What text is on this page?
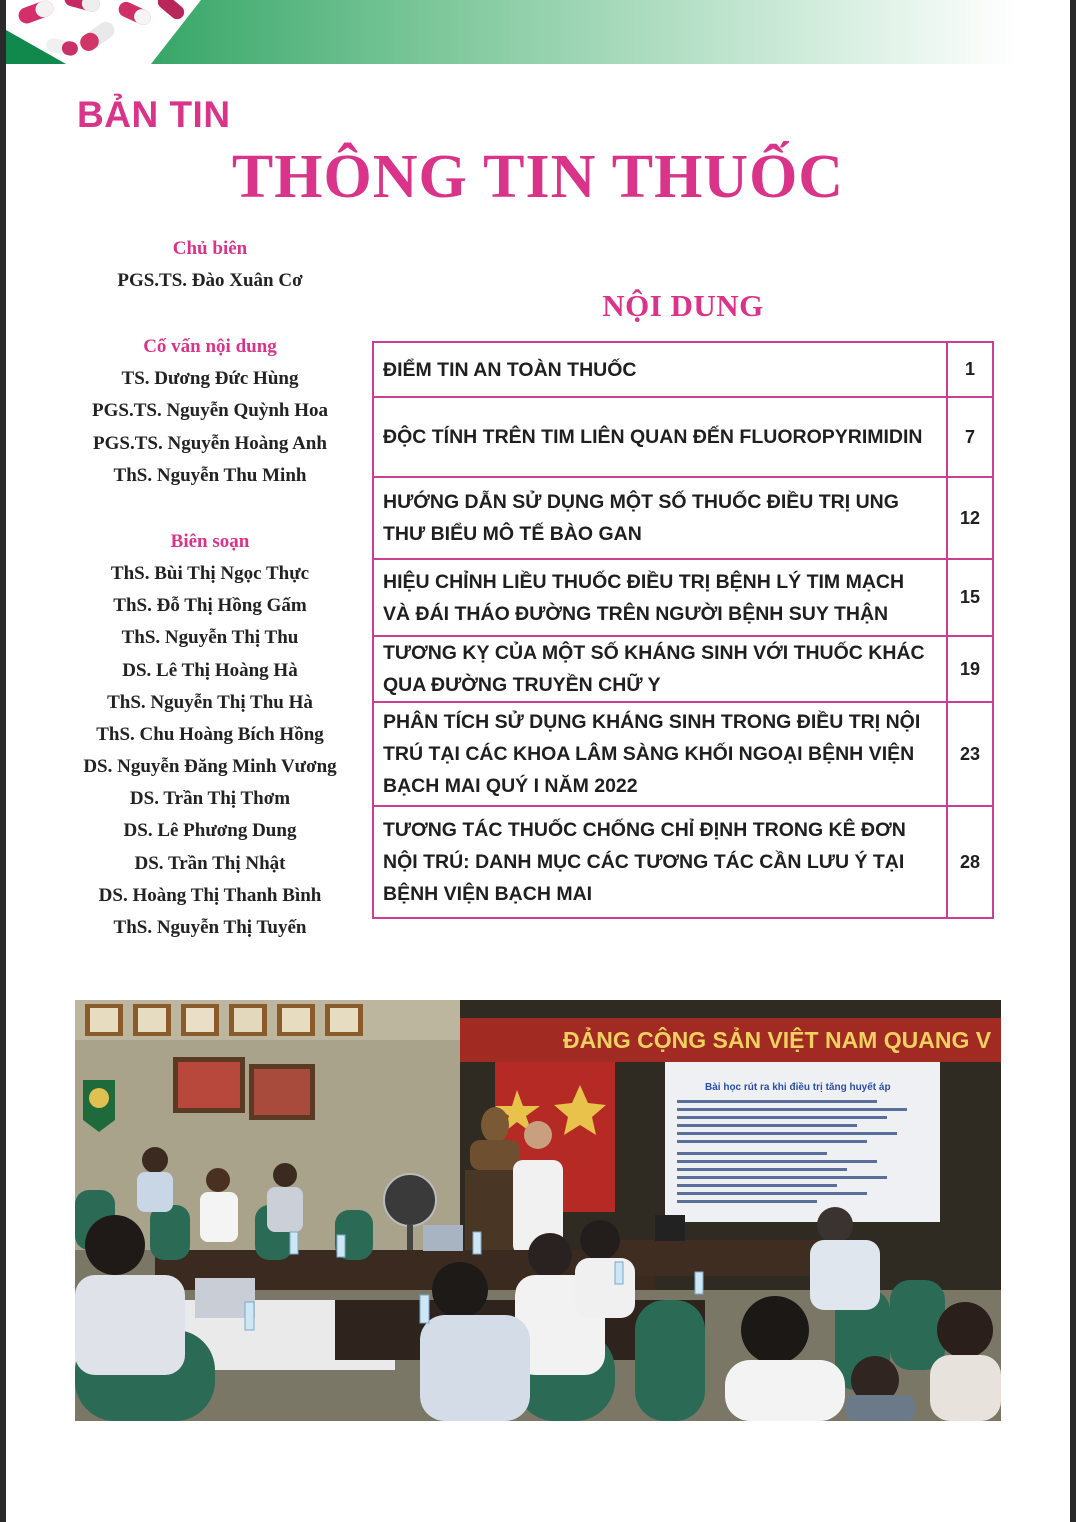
BẢN TIN
THÔNG TIN THUỐC
Chủ biên
PGS.TS. Đào Xuân Cơ
Cố vấn nội dung
TS. Dương Đức Hùng
PGS.TS. Nguyễn Quỳnh Hoa
PGS.TS. Nguyễn Hoàng Anh
ThS. Nguyễn Thu Minh
Biên soạn
ThS. Bùi Thị Ngọc Thực
ThS. Đỗ Thị Hồng Gấm
ThS. Nguyễn Thị Thu
DS. Lê Thị Hoàng Hà
ThS. Nguyễn Thị Thu Hà
ThS. Chu Hoàng Bích Hồng
DS. Nguyễn Đăng Minh Vương
DS. Trần Thị Thơm
DS. Lê Phương Dung
DS. Trần Thị Nhật
DS. Hoàng Thị Thanh Bình
ThS. Nguyễn Thị Tuyến
NỘI DUNG
ĐIỂM TIN AN TOÀN THUỐC	1

ĐỘC TÍNH TRÊN TIM LIÊN QUAN ĐẾN FLUOROPYRIMIDIN	7

HƯỚNG DẪN SỬ DỤNG MỘT SỐ THUỐC ĐIỀU TRỊ UNG
THƯ BIỂU MÔ TẾ BÀO GAN	12

HIỆU CHỈNH LIỀU THUỐC ĐIỀU TRỊ BỆNH LÝ TIM MẠCH
VÀ ĐÁI THÁO ĐƯỜNG TRÊN NGƯỜI BỆNH SUY THẬN	15

TƯƠNG KỴ CỦA MỘT SỐ KHÁNG SINH VỚI THUỐC KHÁC
QUA ĐƯỜNG TRUYỀN CHỮ Y	19

PHÂN TÍCH SỬ DỤNG KHÁNG SINH TRONG ĐIỀU TRỊ NỘI
TRÚ TẠI CÁC KHOA LÂM SÀNG KHỐI NGOẠI BỆNH VIỆN
BẠCH MAI QUÝ I NĂM 2022	23

TƯƠNG TÁC THUỐC CHỐNG CHỈ ĐỊNH TRONG KÊ ĐƠN
NỘI TRÚ: DANH MỤC CÁC TƯƠNG TÁC CẦN LƯU Ý TẠI
BỆNH VIỆN BẠCH MAI	28
ĐẢNG CỘNG SẢN VIỆT NAM QUANG V
Bài học rút ra khi điều trị tăng huyết áp
